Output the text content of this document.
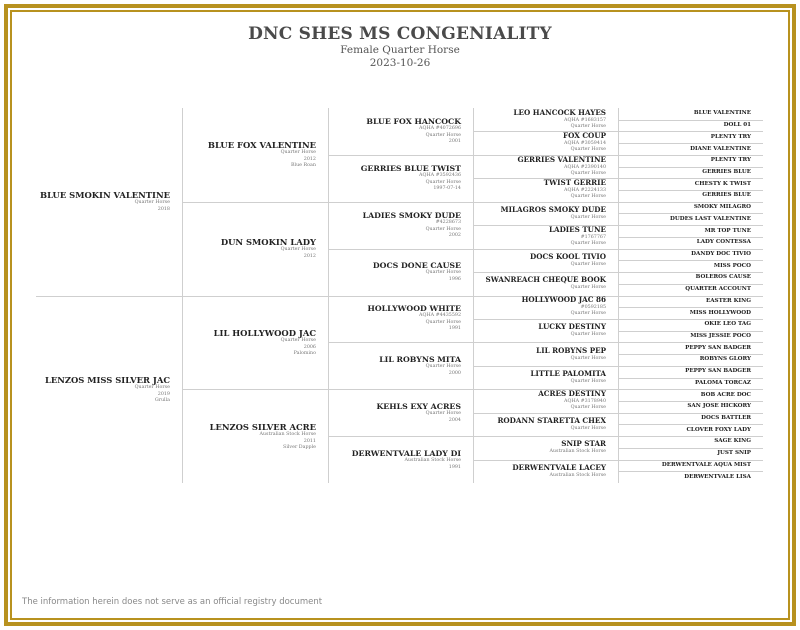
DNC SHES MS CONGENIALITY
Female Quarter Horse
2023-10-26
BLUE SMOKIN VALENTINE
Quarter Horse
2018
LENZOS MISS SILVER JAC
Quarter Horse
2019
Grulla
BLUE FOX VALENTINE
Quarter Horse
2012
Blue Roan
DUN SMOKIN LADY
Quarter Horse
2012
LIL HOLLYWOOD JAC
Quarter Horse
2006
Palomino
LENZOS SILVER ACRE
Australian Stock Horse
2011
Silver Dapple
BLUE FOX HANCOCK
AQHA #4072696
Quarter Horse
2001
GERRIES BLUE TWIST
AQHA #3592436
Quarter Horse
1997-07-14
LADIES SMOKY DUDE
#4228673
Quarter Horse
2002
DOCS DONE CAUSE
Quarter Horse
1996
HOLLYWOOD WHITE
AQHA #4435592
Quarter Horse
1991
LIL ROBYNS MITA
Quarter Horse
2000
KEHLS EXY ACRES
Quarter Horse
2004
DERWENTVALE LADY DI
Australian Stock Horse
1991
LEO HANCOCK HAYES
AQHA #1683157
Quarter Horse
FOX COUP
AQHA #3059414
Quarter Horse
GERRIES VALENTINE
AQHA #2390140
Quarter Horse
TWIST GERRIE
AQHA #2224133
Quarter Horse
MILAGROS SMOKY DUDE
Quarter Horse
LADIES TUNE
#1767767
Quarter Horse
DOCS KOOL TIVIO
Quarter Horse
SWANREACH CHEQUE BOOK
Quarter Horse
HOLLYWOOD JAC 86
#0592185
Quarter Horse
LUCKY DESTINY
Quarter Horse
LIL ROBYNS PEP
Quarter Horse
LITTLE PALOMITA
Quarter Horse
ACRES DESTINY
AQHA #3178940
Quarter Horse
RODANN STARETTA CHEX
Quarter Horse
SNIP STAR
Australian Stock Horse
DERWENTVALE LACEY
Australian Stock Horse
BLUE VALENTINE
DOLL 01
PLENTY TRY
DIANE VALENTINE
PLENTY TRY
GERRIES BLUE
CHESTY K TWIST
GERRIES BLUE
SMOKY MILAGRO
DUDES LAST VALENTINE
MR TOP TUNE
LADY CONTESSA
DANDY DOC TIVIO
MISS POCO
BOLEROS CAUSE
QUARTER ACCOUNT
EASTER KING
MISS HOLLYWOOD
OKIE LEO TAG
MISS JESSIE POCO
PEPPY SAN BADGER
ROBYNS GLORY
PEPPY SAN BADGER
PALOMA TORCAZ
BOB ACRE DOC
SAN JOSE HICKORY
DOCS BATTLER
CLOVER FOXY LADY
SAGE KING
JUST SNIP
DERWENTVALE AQUA MIST
DERWENTVALE LISA
The information herein does not serve as an official registry document
